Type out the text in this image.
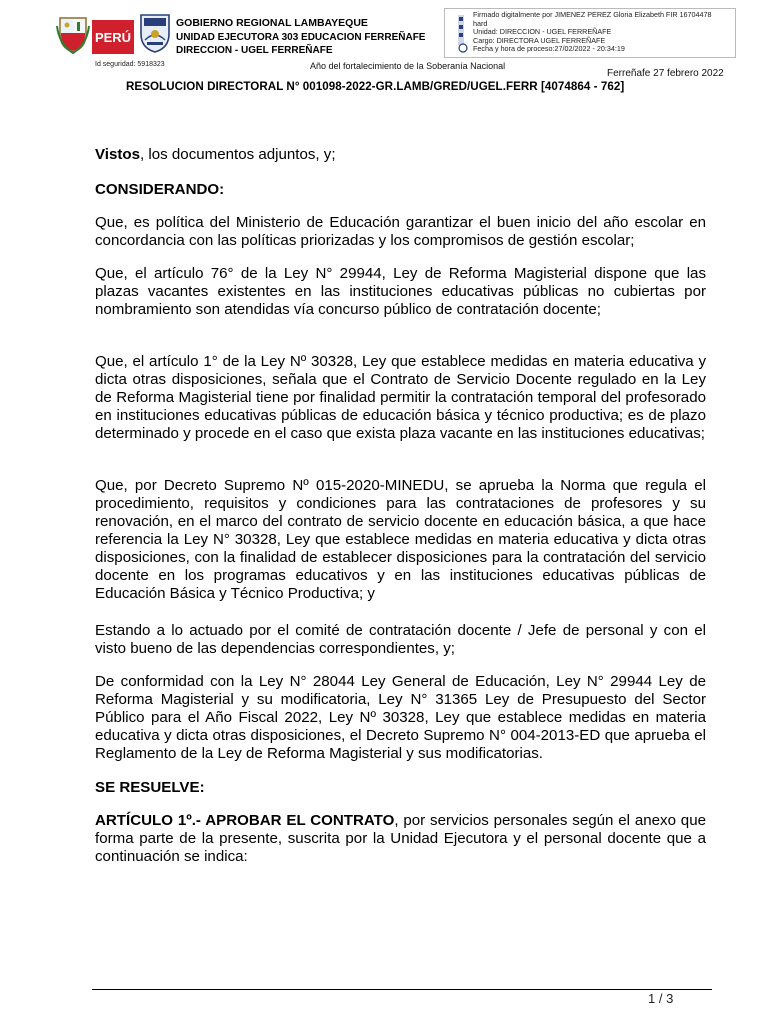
PERÚ
GOBIERNO REGIONAL LAMBAYEQUE
UNIDAD EJECUTORA 303 EDUCACION FERREÑAFE
DIRECCION - UGEL FERREÑAFE
Firmado digitalmente por JIMENEZ PEREZ Gloria Elizabeth FIR 16704478
hard
Unidad: DIRECCION - UGEL FERREÑAFE
Cargo: DIRECTORA UGEL FERREÑAFE
Fecha y hora de proceso:27/02/2022 - 20:34:19
Id seguridad: 5918323	Año del fortalecimiento de la Soberanía Nacional
Ferreñafe 27 febrero 2022
RESOLUCION DIRECTORAL N° 001098-2022-GR.LAMB/GRED/UGEL.FERR [4074864 - 762]

Vistos, los documentos adjuntos, y;

CONSIDERANDO:

Que, es política del Ministerio de Educación garantizar el buen inicio del año escolar en concordancia con las políticas priorizadas y los compromisos de gestión escolar;

Que, el artículo 76° de la Ley N° 29944, Ley de Reforma Magisterial dispone que las plazas vacantes existentes en las instituciones educativas públicas no cubiertas por nombramiento son atendidas vía concurso público de contratación docente;

Que, el artículo 1° de la Ley Nº 30328, Ley que establece medidas en materia educativa y dicta otras disposiciones, señala que el Contrato de Servicio Docente regulado en la Ley de Reforma Magisterial tiene por finalidad permitir la contratación temporal del profesorado en instituciones educativas públicas de educación básica y técnico productiva; es de plazo determinado y procede en el caso que exista plaza vacante en las instituciones educativas;

Que, por Decreto Supremo Nº 015-2020-MINEDU, se aprueba la Norma que regula el procedimiento, requisitos y condiciones para las contrataciones de profesores y su renovación, en el marco del contrato de servicio docente en educación básica, a que hace referencia la Ley N° 30328, Ley que establece medidas en materia educativa y dicta otras disposiciones, con la finalidad de establecer disposiciones para la contratación del servicio docente en los programas educativos y en las instituciones educativas públicas de Educación Básica y Técnico Productiva; y

Estando a lo actuado por el comité de contratación docente / Jefe de personal y con el visto bueno de las dependencias correspondientes, y;

De conformidad con la Ley N° 28044 Ley General de Educación, Ley N° 29944 Ley de Reforma Magisterial y su modificatoria, Ley N° 31365 Ley de Presupuesto del Sector Público para el Año Fiscal 2022, Ley Nº 30328, Ley que establece medidas en materia educativa y dicta otras disposiciones, el Decreto Supremo N° 004-2013-ED que aprueba el Reglamento de la Ley de Reforma Magisterial y sus modificatorias.

SE RESUELVE:

ARTÍCULO 1º.- APROBAR EL CONTRATO, por servicios personales según el anexo que forma parte de la presente, suscrita por la Unidad Ejecutora y el personal docente que a continuación se indica:

1 / 3
